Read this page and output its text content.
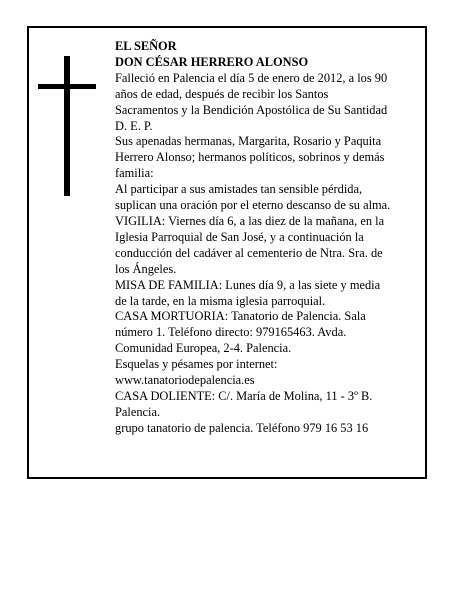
EL SEÑOR
DON CÉSAR HERRERO ALONSO
Falleció en Palencia el día 5 de enero de 2012, a los 90
años de edad, después de recibir los Santos
Sacramentos y la Bendición Apostólica de Su Santidad
D. E. P.
Sus apenadas hermanas, Margarita, Rosario y Paquita
Herrero Alonso; hermanos políticos, sobrinos y demás
familia:
Al participar a sus amistades tan sensible pérdida,
suplican una oración por el eterno descanso de su alma.
VIGILIA: Viernes día 6, a las diez de la mañana, en la
Iglesia Parroquial de San José, y a continuación la
conducción del cadáver al cementerio de Ntra. Sra. de
los Ángeles.
MISA DE FAMILIA: Lunes día 9, a las siete y media
de la tarde, en la misma iglesia parroquial.
CASA MORTUORIA: Tanatorio de Palencia. Sala
número 1. Teléfono directo: 979165463. Avda.
Comunidad Europea, 2-4. Palencia.
Esquelas y pésames por internet:
www.tanatoriodepalencia.es
CASA DOLIENTE: C/. María de Molina, 11 - 3º B.
Palencia.
grupo tanatorio de palencia. Teléfono 979 16 53 16
